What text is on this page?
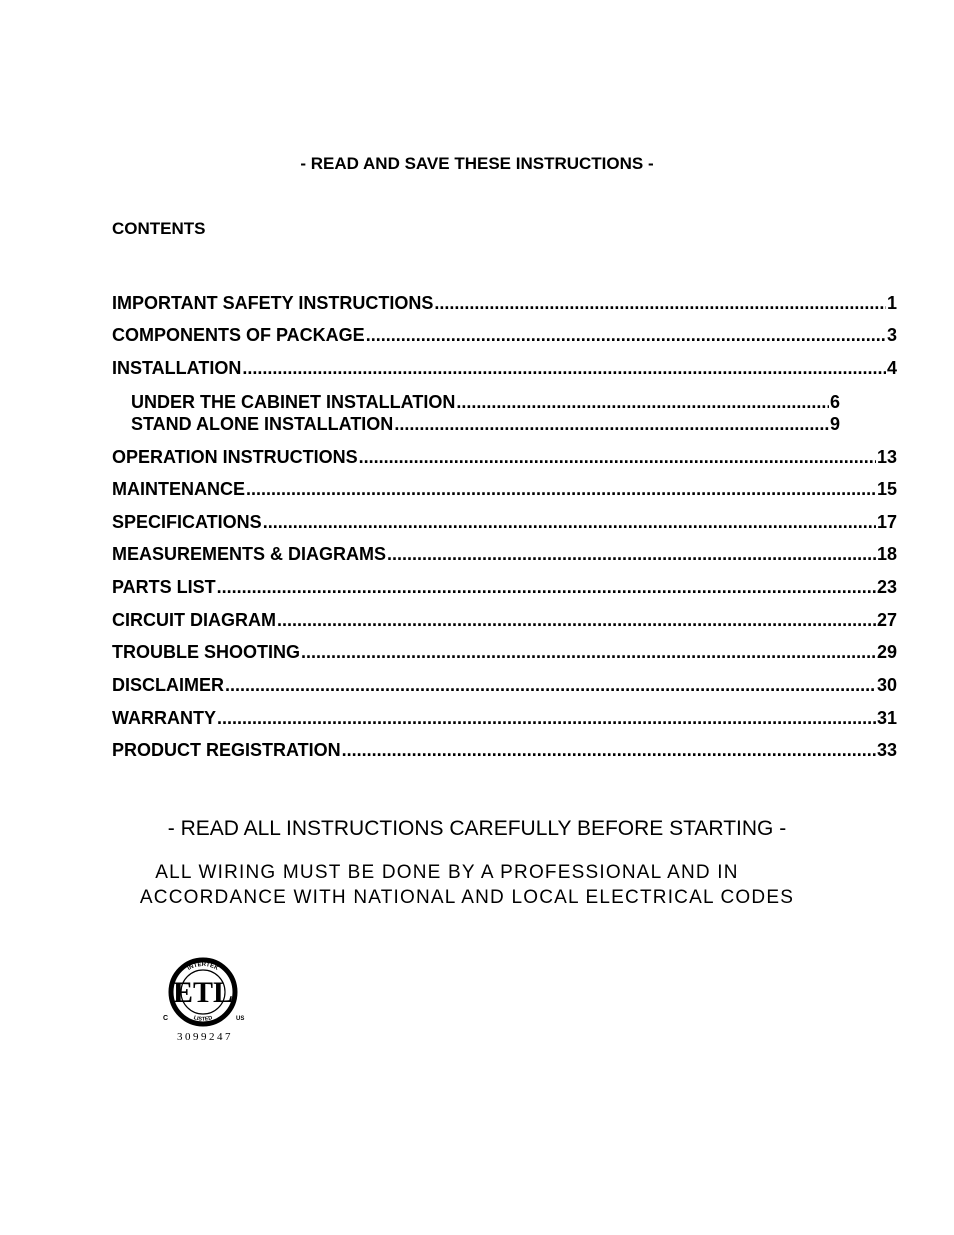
- READ AND SAVE THESE INSTRUCTIONS -
CONTENTS
IMPORTANT SAFETY INSTRUCTIONS .....	1
COMPONENTS OF PACKAGE .....	3
INSTALLATION .....	4
UNDER THE CABINET INSTALLATION .....	6
STAND ALONE INSTALLATION .....	9
OPERATION INSTRUCTIONS .....	13
MAINTENANCE .....	15
SPECIFICATIONS .....	17
MEASUREMENTS & DIAGRAMS .....	18
PARTS LIST .....	23
CIRCUIT DIAGRAM .....	27
TROUBLE SHOOTING .....	29
DISCLAIMER .....	30
WARRANTY .....	31
PRODUCT REGISTRATION .....	33
- READ ALL INSTRUCTIONS CAREFULLY BEFORE STARTING -
ALL WIRING MUST BE DONE BY A PROFESSIONAL AND IN
ACCORDANCE WITH NATIONAL AND LOCAL ELECTRICAL CODES
INTERTEK
LISTED
ETL
C	US
3099247
